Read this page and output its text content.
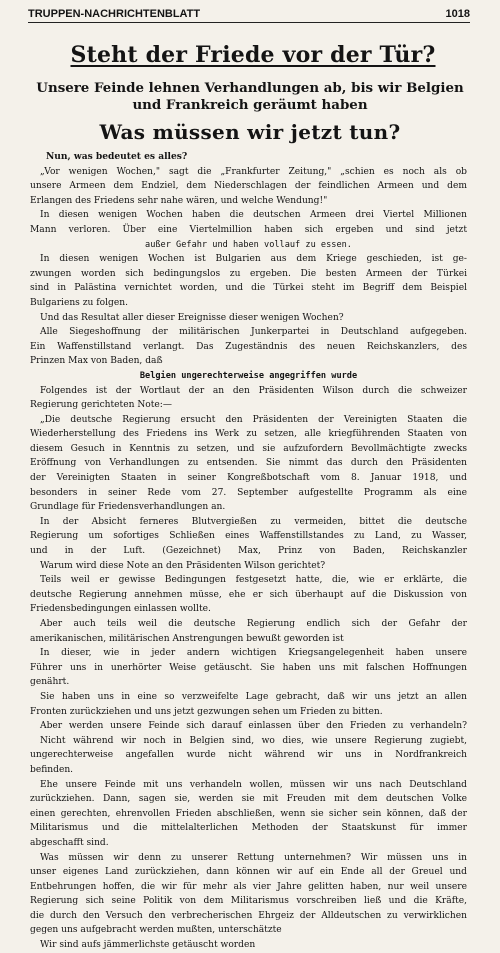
TRUPPEN-NACHRICHTENBLATT	1018
Steht der Friede vor der Tür?
Unsere Feinde lehnen Verhandlungen ab, bis wir Belgien und Frankreich geräumt haben
Was müssen wir jetzt tun?
Nun, was bedeutet es alles?
„Vor wenigen Wochen," sagt die „Frankfurter Zeitung," „schien es noch als ob
unsere Armeen dem Endziel, dem Niederschlagen der feindlichen Armeen und dem
Erlangen des Friedens sehr nahe wären, und welche Wendung!"
In diesen wenigen Wochen haben die deutschen Armeen drei Viertel Millionen
Mann verloren. Über eine Viertelmillion haben sich ergeben und sind jetzt
außer Gefahr und haben vollauf zu essen.
In diesen wenigen Wochen ist Bulgarien aus dem Kriege geschieden, ist ge-
zwungen worden sich bedingungslos zu ergeben. Die besten Armeen der Türkei
sind in Palästina vernichtet worden, und die Türkei steht im Begriff dem Beispiel
Bulgariens zu folgen.
Und das Resultat aller dieser Ereignisse dieser wenigen Wochen?
Alle Siegeshoffnung der militärischen Junkerpartei in Deutschland aufgegeben.
Ein Waffenstillstand verlangt. Das Zugeständnis des neuen Reichskanzlers, des
Prinzen Max von Baden, daß
Belgien ungerechterweise angegriffen wurde
Folgendes ist der Wortlaut der an den Präsidenten Wilson durch die schweizer
Regierung gerichteten Note:—
„Die deutsche Regierung ersucht den Präsidenten der Vereinigten Staaten die
Wiederherstellung des Friedens ins Werk zu setzen, alle kriegführenden Staaten von
diesem Gesuch in Kenntnis zu setzen, und sie aufzufordern Bevollmächtigte zwecks
Eröffnung von Verhandlungen zu entsenden. Sie nimmt das durch den Präsidenten
der Vereinigten Staaten in seiner Kongreßbotschaft vom 8. Januar 1918, und
besonders in seiner Rede vom 27. September aufgestellte Programm als eine
Grundlage für Friedensverhandlungen an.
In der Absicht ferneres Blutvergießen zu vermeiden, bittet die deutsche
Regierung um sofortiges Schließen eines Waffenstillstandes zu Land, zu Wasser,
und in der Luft. (Gezeichnet) Max, Prinz von Baden, Reichskanzler
Warum wird diese Note an den Präsidenten Wilson gerichtet?
Teils weil er gewisse Bedingungen festgesetzt hatte, die, wie er erklärte, die
deutsche Regierung annehmen müsse, ehe er sich überhaupt auf die Diskussion von
Friedensbedingungen einlassen wollte.
Aber auch teils weil die deutsche Regierung endlich sich der Gefahr der
amerikanischen, militärischen Anstrengungen bewußt geworden ist
In dieser, wie in jeder andern wichtigen Kriegsangelegenheit haben unsere
Führer uns in unerhörter Weise getäuscht. Sie haben uns mit falschen Hoffnungen
genährt.
Sie haben uns in eine so verzweifelte Lage gebracht, daß wir uns jetzt an allen
Fronten zurückziehen und uns jetzt gezwungen sehen um Frieden zu bitten.
Aber werden unsere Feinde sich darauf einlassen über den Frieden zu verhandeln?
Nicht während wir noch in Belgien sind, wo dies, wie unsere Regierung zugiebt,
ungerechterweise angefallen wurde nicht während wir uns in Nordfrankreich
befinden.
Ehe unsere Feinde mit uns verhandeln wollen, müssen wir uns nach Deutschland
zurückziehen. Dann, sagen sie, werden sie mit Freuden mit dem deutschen Volke
einen gerechten, ehrenvollen Frieden abschließen, wenn sie sicher sein können, daß der
Militarismus und die mittelalterlichen Methoden der Staatskunst für immer
abgeschafft sind.
Was müssen wir denn zu unserer Rettung unternehmen? Wir müssen uns in
unser eigenes Land zurückziehen, dann können wir auf ein Ende all der Greuel und
Entbehrungen hoffen, die wir für mehr als vier Jahre gelitten haben, nur weil unsere
Regierung sich seine Politik von dem Militarismus vorschreiben ließ und die Kräfte,
die durch den Versuch den verbrecherischen Ehrgeiz der Alldeutschen zu verwirklichen
gegen uns aufgebracht werden mußten, unterschätzte
Wir sind aufs jämmerlichste getäuscht worden
